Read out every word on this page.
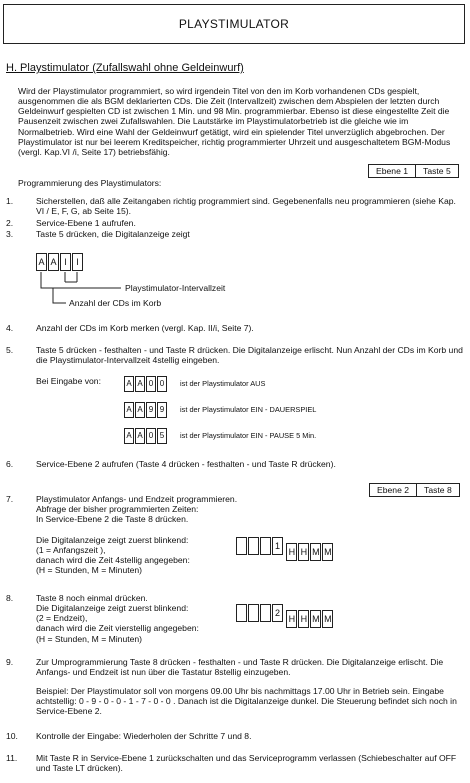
PLAYSTIMULATOR
H. Playstimulator (Zufallswahl ohne Geldeinwurf)
Wird der Playstimulator programmiert, so wird irgendein Titel von den im Korb vorhandenen CDs gespielt, ausgenommen die als BGM deklarierten CDs. Die Zeit (Intervallzeit) zwischen dem Abspielen der letzten durch Geldeinwurf gespielten CD ist zwischen 1 Min. und 98 Min. programmierbar. Ebenso ist diese eingestellte Zeit die Pausenzeit zwischen zwei Zufallswahlen. Die Lautstärke im Playstimulatorbetrieb ist die gleiche wie im Normalbetrieb. Wird eine Wahl der Geldeinwurf getätigt, wird ein spielender Titel unverzüglich abgebrochen. Der Playstimulator ist nur bei leerem Kreditspeicher, richtig programmierter Uhrzeit und ausgeschaltetem BGM-Modus (vergl. Kap.VI /i, Seite 17) betriebsfähig.
Ebene 1	Taste 5
Programmierung des Playstimulators:
1.	Sicherstellen, daß alle Zeitangaben richtig programmiert sind. Gegebenenfalls neu programmieren (siehe Kap. VI / E, F, G, ab Seite 15).
2.	Service-Ebene 1 aufrufen.
3.	Taste 5 drücken, die Digitalanzeige zeigt
A A I	I
Playstimulator-Intervallzeit
Anzahl der CDs im Korb
4.	Anzahl der CDs im Korb merken (vergl. Kap. II/i, Seite 7).
5.	Taste 5 drücken - festhalten - und Taste R drücken. Die Digitalanzeige erlischt. Nun Anzahl der CDs im Korb und die Playstimulator-Intervallzeit 4stellig eingeben.
Bei Eingabe von:	A A 0 0	ist der Playstimulator AUS
A A 9 9	ist der Playstimulator EIN - DAUERSPIEL
A A 0 5	ist der Playstimulator EIN - PAUSE 5 Min.
6.	Service-Ebene 2 aufrufen (Taste 4 drücken - festhalten - und Taste R drücken).
Ebene 2	Taste 8
7.	Playstimulator Anfangs- und Endzeit programmieren.
Abfrage der bisher programmierten Zeiten:
In Service-Ebene 2 die Taste 8 drücken.
Die Digitalanzeige zeigt zuerst blinkend:
(1 = Anfangszeit ),
danach wird die Zeit 4stellig angegeben:
(H = Stunden, M = Minuten)
1

H H M M
8.	Taste 8 noch einmal drücken.
Die Digitalanzeige zeigt zuerst blinkend:
(2 = Endzeit),
danach wird die Zeit vierstellig angegeben:
(H = Stunden, M = Minuten)
2

H H M M
9.	Zur Umprogrammierung Taste 8 drücken - festhalten - und Taste R drücken. Die Digitalanzeige erlischt. Die Anfangs- und Endzeit ist nun über die Tastatur 8stellig einzugeben.
Beispiel: Der Playstimulator soll von morgens 09.00 Uhr bis nachmittags 17.00 Uhr in Betrieb sein. Eingabe achtstellig: 0 - 9 - 0 - 0 - 1 - 7 - 0 - 0 . Danach ist die Digitalanzeige dunkel. Die Steuerung befindet sich noch in Service-Ebene 2.
10.	Kontrolle der Eingabe: Wiederholen der Schritte 7 und 8.
11.	Mit Taste R in Service-Ebene 1 zurückschalten und das Serviceprogramm verlassen (Schiebeschalter auf OFF und Taste LT drücken).
